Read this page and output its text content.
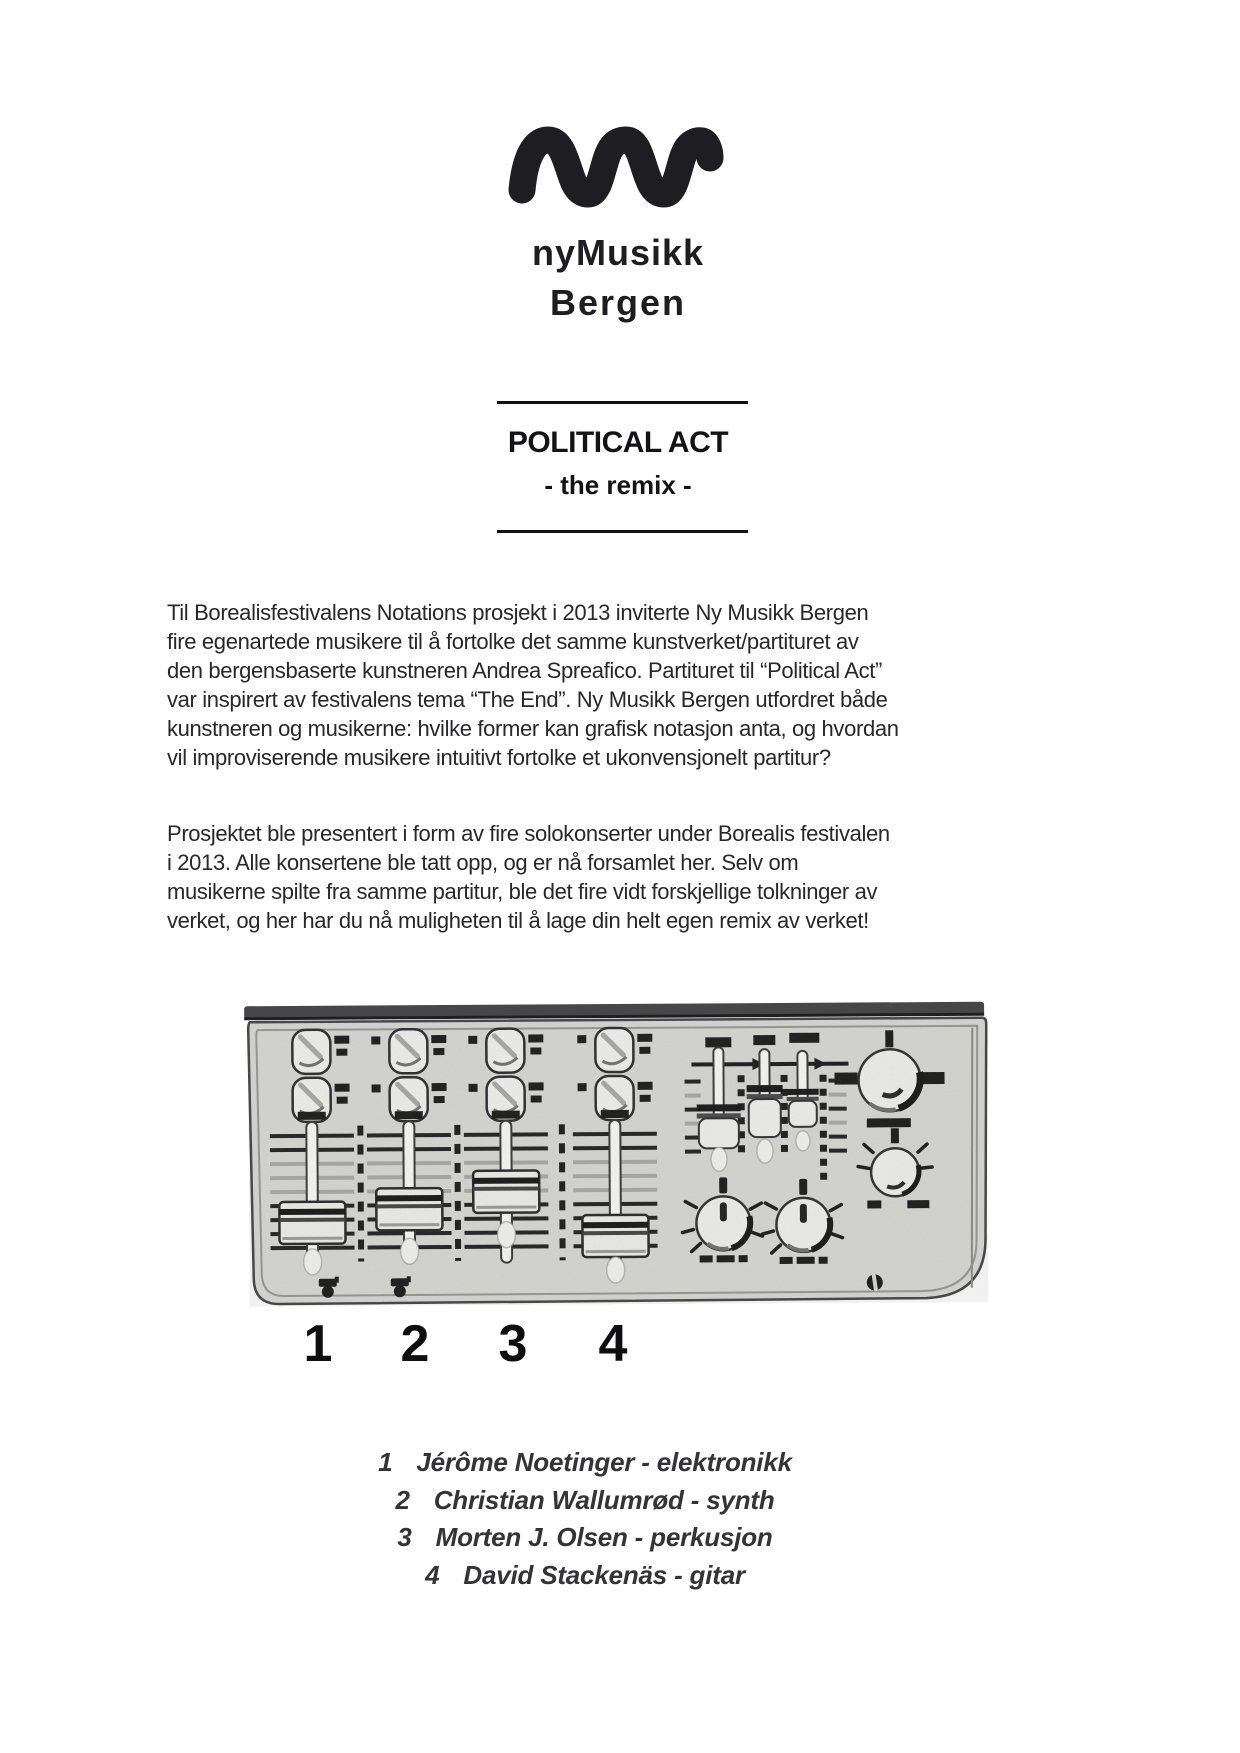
nyMusikk
Bergen
POLITICAL ACT
- the remix -
Til Borealisfestivalens Notations prosjekt i 2013 inviterte Ny Musikk Bergen
fire egenartede musikere til å fortolke det samme kunstverket/partituret av
den bergensbaserte kunstneren Andrea Spreafico. Partituret til “Political Act”
var inspirert av festivalens tema “The End”. Ny Musikk Bergen utfordret både
kunstneren og musikerne: hvilke former kan grafisk notasjon anta, og hvordan
vil improviserende musikere intuitivt fortolke et ukonvensjonelt partitur?
Prosjektet ble presentert i form av fire solokonserter under Borealis festivalen
i 2013. Alle konsertene ble tatt opp, og er nå forsamlet her. Selv om
musikerne spilte fra samme partitur, ble det fire vidt forskjellige tolkninger av
verket, og her har du nå muligheten til å lage din helt egen remix av verket!
1 2 3 4
1 Jérôme Noetinger - elektronikk
2 Christian Wallumrød - synth
3 Morten J. Olsen - perkusjon
4 David Stackenäs - gitar
